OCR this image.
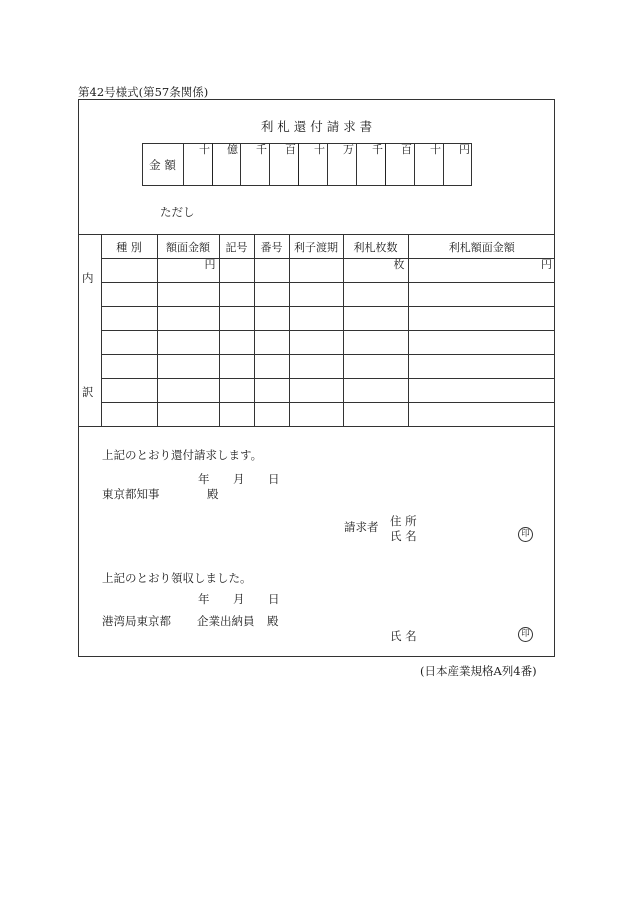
第42号様式(第57条関係)
利 札 還 付 請 求 書
金 額
十	億	千	百	十	万	千	百	十	円
ただし
	種 別	額面金額	記号	番号	利子渡期	利札枚数	利札額面金額
		円				枚	円

内
訳
上記のとおり還付請求します。
年 月 日
東京都知事	殿
請求者 住 所
氏 名	印
上記のとおり領収しました。
年 月 日
港湾局東京都 企業出納員 殿
氏 名	印
(日本産業規格A列4番)
